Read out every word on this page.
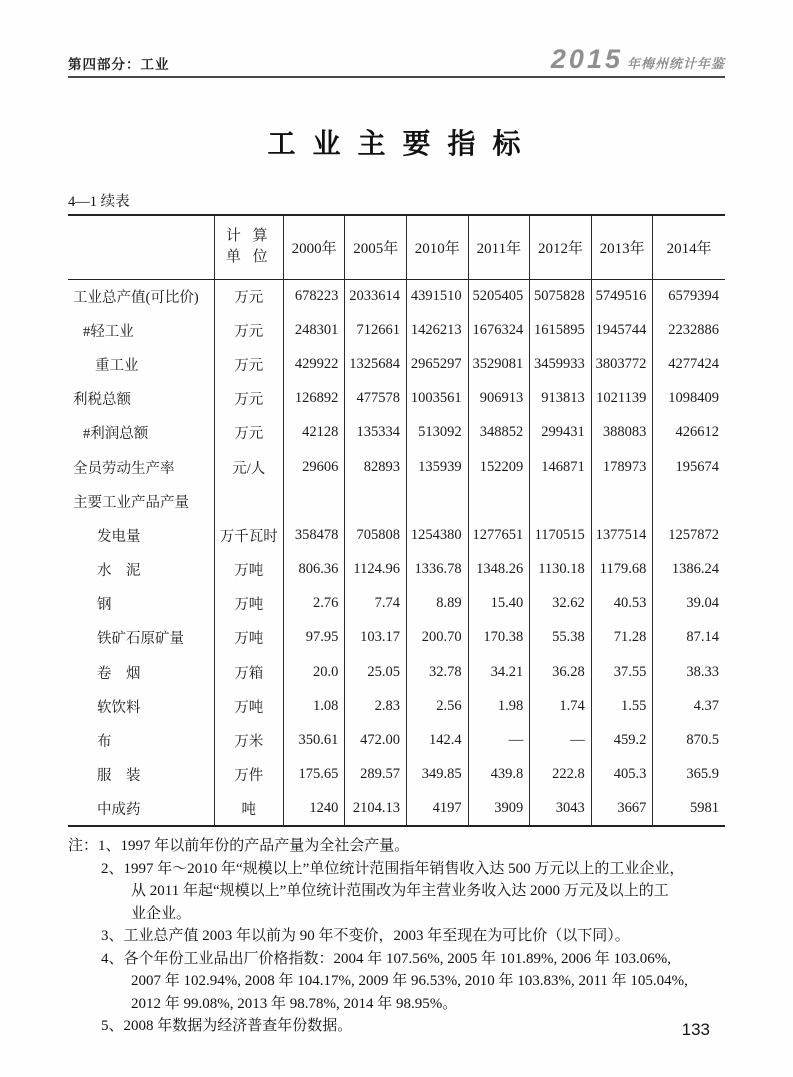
第四部分：工业	2015 年梅州统计年鉴
工 业 主 要 指 标
4—1 续表

	计 算
单 位	2000年	2005年	2010年	2011年	2012年	2013年	2014年
工业总产值(可比价)	万元	678223	2033614	4391510	5205405	5075828	5749516	6579394
#轻工业	万元	248301	712661	1426213	1676324	1615895	1945744	2232886
重工业	万元	429922	1325684	2965297	3529081	3459933	3803772	4277424
利税总额	万元	126892	477578	1003561	906913	913813	1021139	1098409
#利润总额	万元	42128	135334	513092	348852	299431	388083	426612
全员劳动生产率	元/人	29606	82893	135939	152209	146871	178973	195674
主要工业产品产量								
发电量	万千瓦时	358478	705808	1254380	1277651	1170515	1377514	1257872
水　泥	万吨	806.36	1124.96	1336.78	1348.26	1130.18	1179.68	1386.24
钢	万吨	2.76	7.74	8.89	15.40	32.62	40.53	39.04
铁矿石原矿量	万吨	97.95	103.17	200.70	170.38	55.38	71.28	87.14
卷　烟	万箱	20.0	25.05	32.78	34.21	36.28	37.55	38.33
软饮料	万吨	1.08	2.83	2.56	1.98	1.74	1.55	4.37
布	万米	350.61	472.00	142.4	—	—	459.2	870.5
服　装	万件	175.65	289.57	349.85	439.8	222.8	405.3	365.9
中成药	吨	1240	2104.13	4197	3909	3043	3667	5981
注：1、1997 年以前年份的产品产量为全社会产量。
2、1997 年～2010 年“规模以上”单位统计范围指年销售收入达 500 万元以上的工业企业，
从 2011 年起“规模以上”单位统计范围改为年主营业务收入达 2000 万元及以上的工
业企业。
3、工业总产值 2003 年以前为 90 年不变价，2003 年至现在为可比价（以下同）。
4、各个年份工业品出厂价格指数：2004 年 107.56%, 2005 年 101.89%, 2006 年 103.06%,
2007 年 102.94%, 2008 年 104.17%, 2009 年 96.53%, 2010 年 103.83%, 2011 年 105.04%,
2012 年 99.08%, 2013 年 98.78%, 2014 年 98.95%。
5、2008 年数据为经济普查年份数据。	133
